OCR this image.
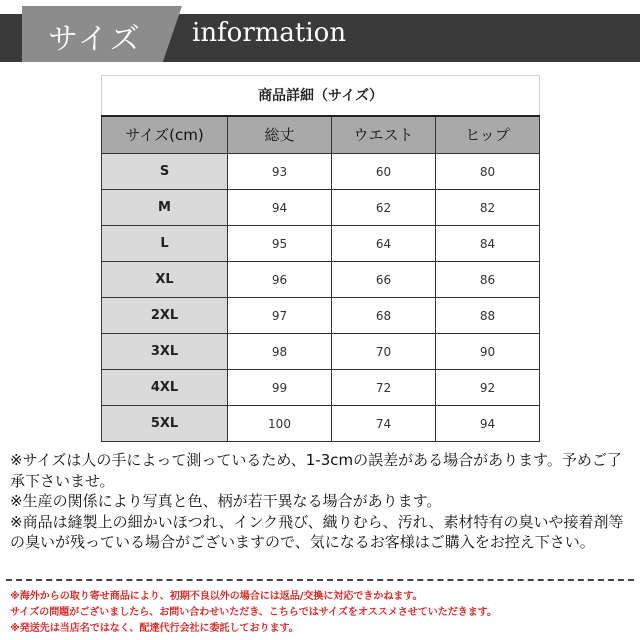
サイズ information
商品詳細（サイズ）			
サイズ(cm)	総丈	ウエスト	ヒップ
S	93	60	80
M	94	62	82
L	95	64	84
XL	96	66	86
2XL	97	68	88
3XL	98	70	90
4XL	99	72	92
5XL	100	74	94

※サイズは人の手によって測っているため、1-3cmの誤差がある場合があります。予めご了承下さいませ。

※生産の関係により写真と色、柄が若干異なる場合があります。

※商品は縫製上の細かいほつれ、インク飛び、織りむら、汚れ、素材特有の臭いや接着剤等の臭いが残っている場合がございますので、気になるお客様はご購入をお控え下さい。

※海外からの取り寄せ商品により、初期不良以外の場合には返品/交換に対応できかねます。

サイズの問題がございましたら、お問い合わせいただき、こちらではサイズをオススメさせていただきます。

※発送先は当店名ではなく、配達代行会社に委託しております。
